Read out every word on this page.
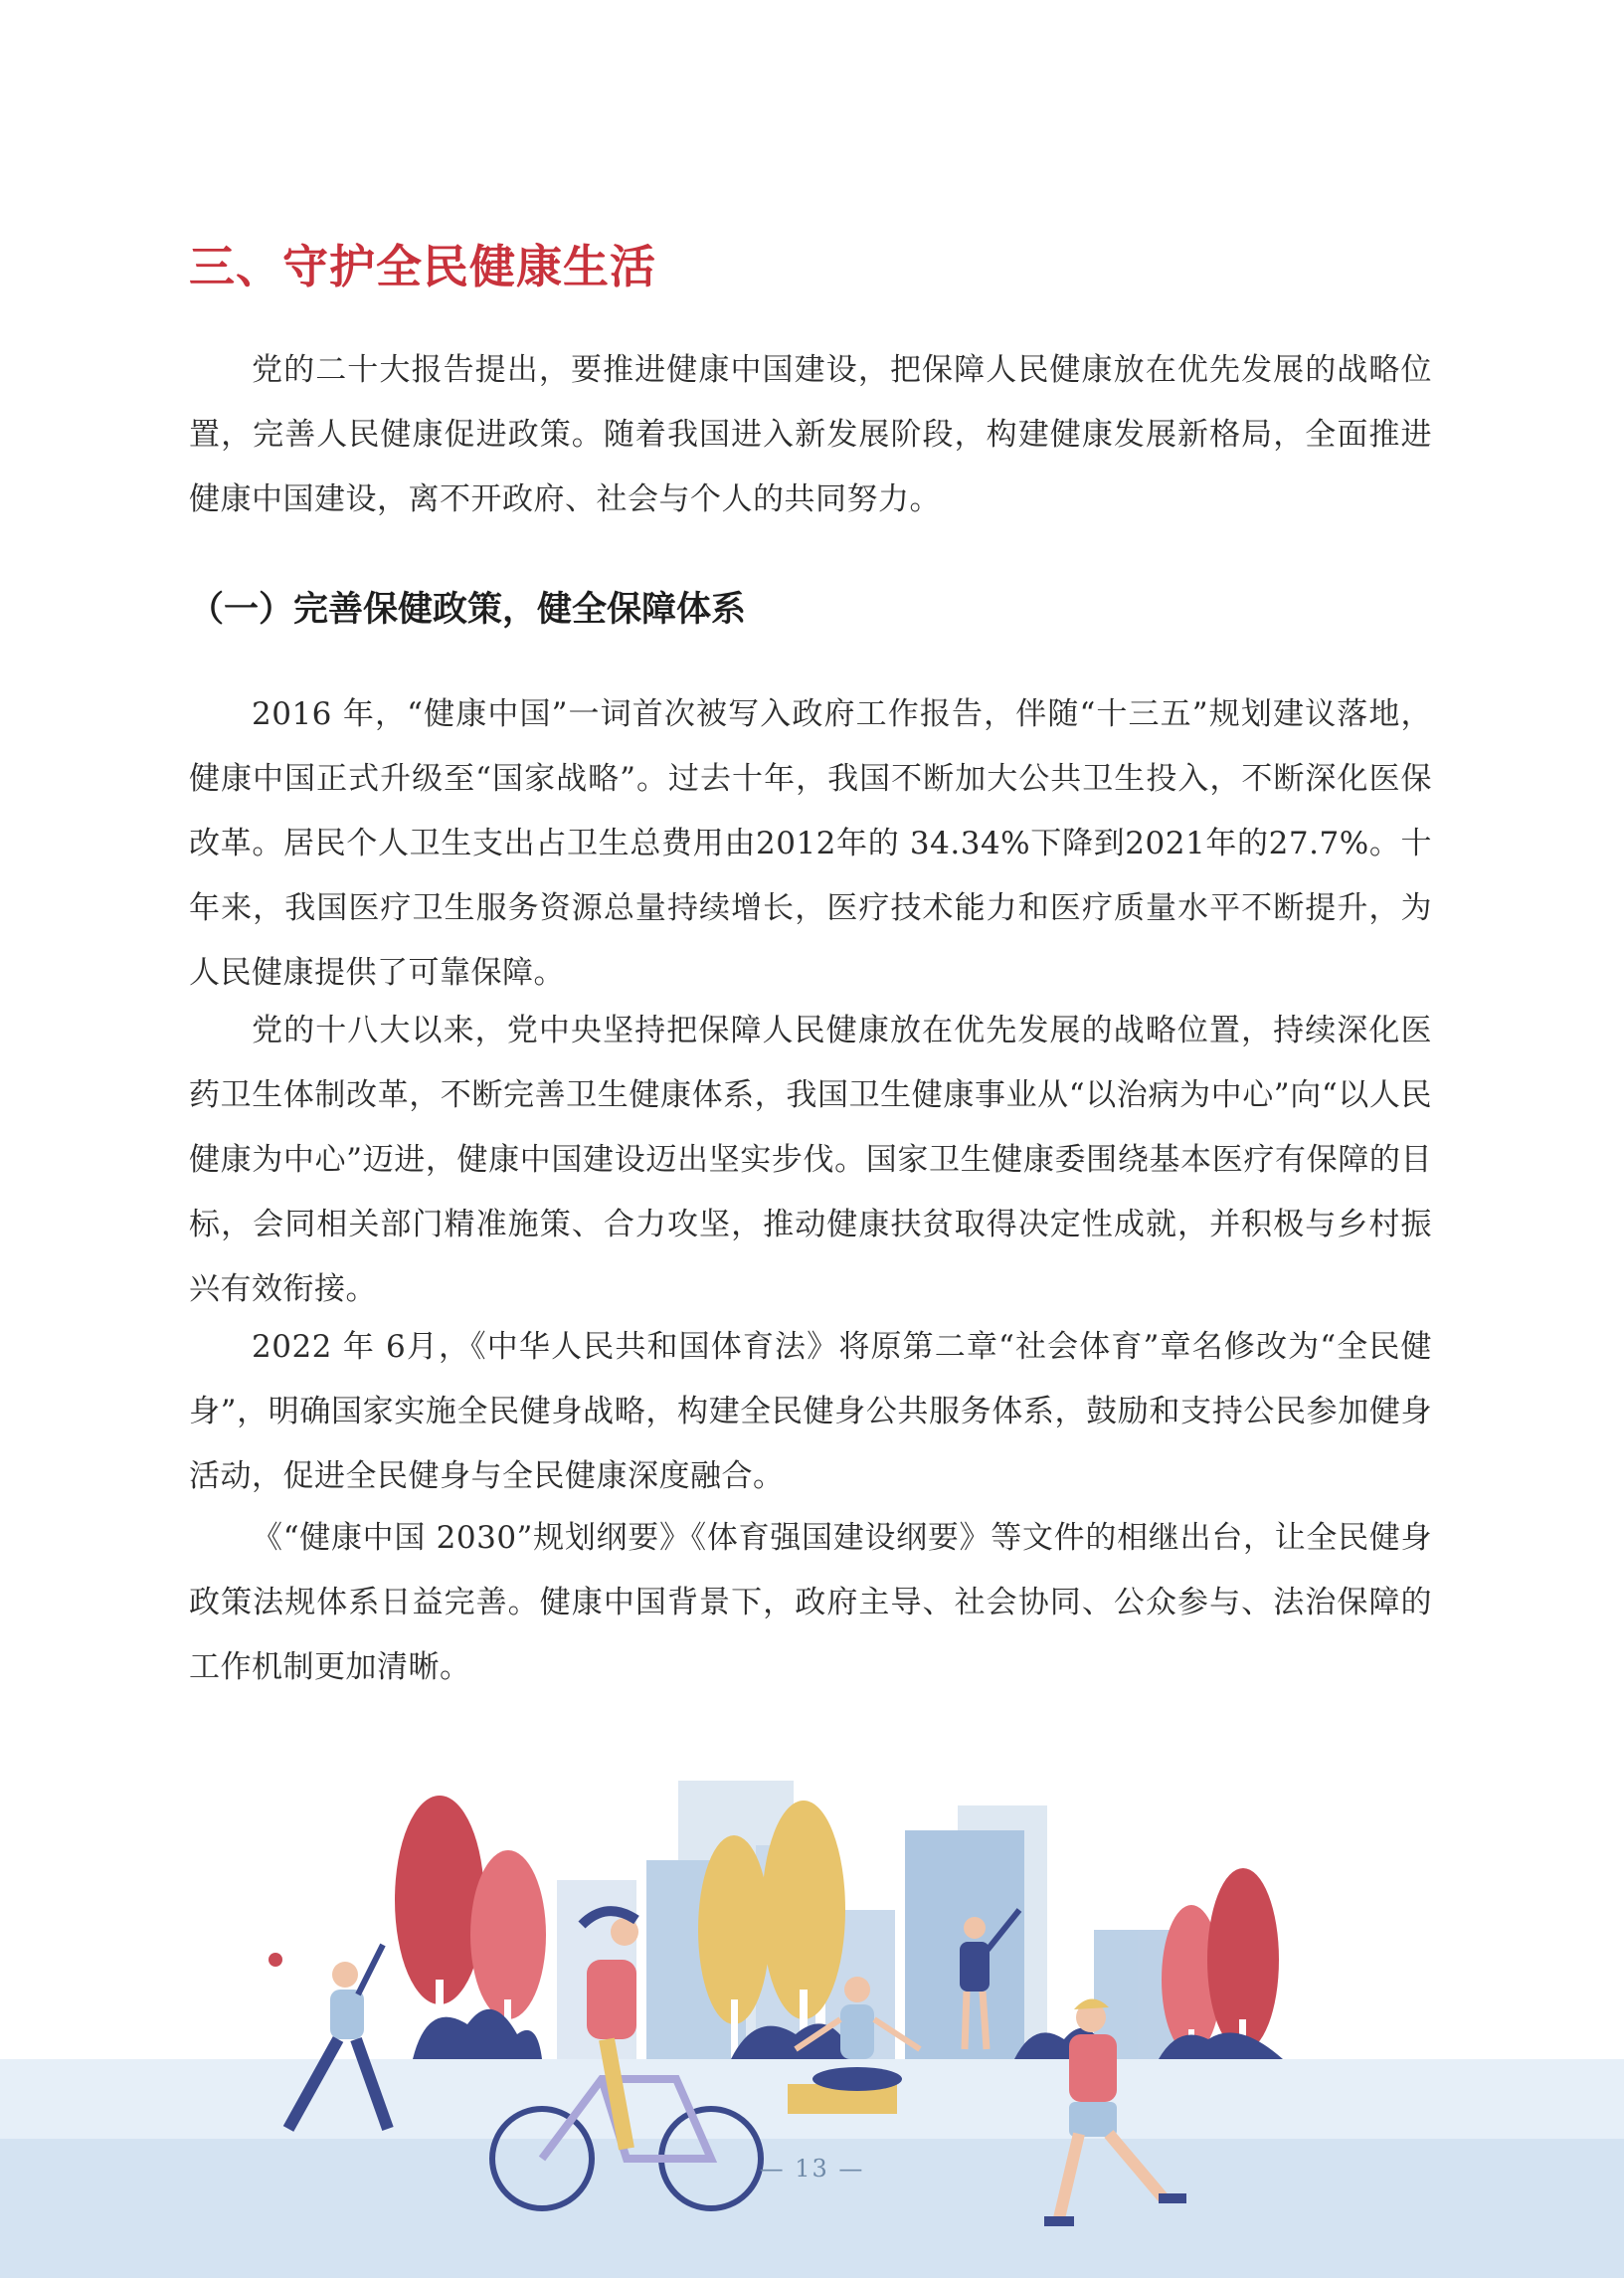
三、守护全民健康生活

党的二十大报告提出，要推进健康中国建设，把保障人民健康放在优先发展的战略位置，完善人民健康促进政策。随着我国进入新发展阶段，构建健康发展新格局，全面推进健康中国建设，离不开政府、社会与个人的共同努力。

（一）完善保健政策，健全保障体系

2016 年，“健康中国”一词首次被写入政府工作报告，伴随“十三五”规划建议落地，健康中国正式升级至“国家战略”。过去十年，我国不断加大公共卫生投入，不断深化医保改革。居民个人卫生支出占卫生总费用由2012年的 34.34%下降到2021年的27.7%。十年来，我国医疗卫生服务资源总量持续增长，医疗技术能力和医疗质量水平不断提升，为人民健康提供了可靠保障。

党的十八大以来，党中央坚持把保障人民健康放在优先发展的战略位置，持续深化医药卫生体制改革，不断完善卫生健康体系，我国卫生健康事业从“以治病为中心”向“以人民健康为中心”迈进，健康中国建设迈出坚实步伐。国家卫生健康委围绕基本医疗有保障的目标，会同相关部门精准施策、合力攻坚，推动健康扶贫取得决定性成就，并积极与乡村振兴有效衔接。

2022 年 6月，《中华人民共和国体育法》将原第二章“社会体育”章名修改为“全民健身”，明确国家实施全民健身战略，构建全民健身公共服务体系，鼓励和支持公民参加健身活动，促进全民健身与全民健康深度融合。

《“健康中国 2030”规划纲要》《体育强国建设纲要》等文件的相继出台，让全民健身政策法规体系日益完善。健康中国背景下，政府主导、社会协同、公众参与、法治保障的工作机制更加清晰。

— 13 —
